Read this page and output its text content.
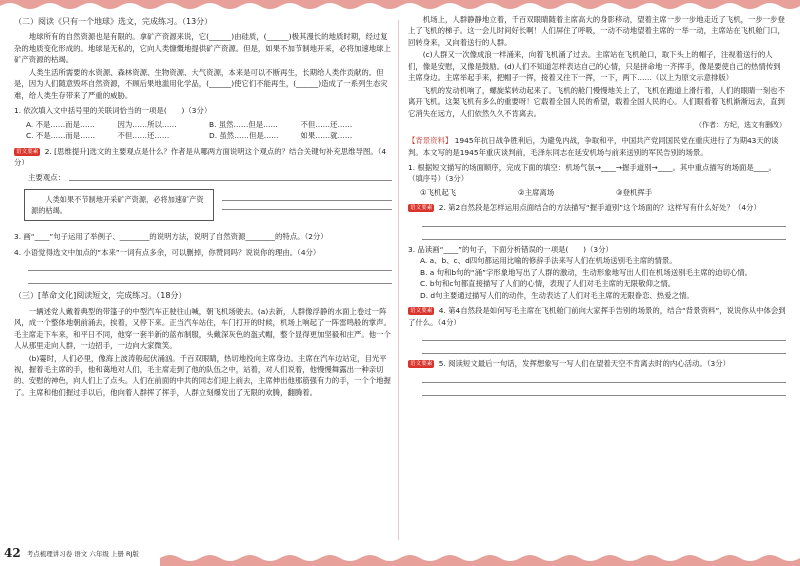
（二）阅读《只有一个地球》选文，完成练习。（13分）

地球所有的自然资源也是有限的。拿矿产资源来说，它(______)由硅质，(______)极其漫长的地质时期，经过复杂的地质变化形成的。地球是无私的，它向人类慷慨地提供矿产资源。但是，如果不加节制地开采，必将加速地球上矿产资源的枯竭。

人类生活所需要的水资源、森林资源、生物资源、大气资源，本来是可以不断再生，长期给人类作贡献的。但是，因为人们随意毁坏自然资源，不顾后果地滥用化学品，(______)使它们不能再生，(______)造成了一系列生态灾难，给人类生存带来了严重的威胁。

1. 依次填入文中括号里的关联词恰当的一项是(　　)（3分）
A. 不是……而是……	因为……所以……	B. 虽然……但是……	不但……还……
C. 不是……而是……	不但……还……	D. 虽然……但是……	如果……就……
语文要素 2. [思维提升]选文的主要观点是什么？作者是从哪两方面说明这个观点的？结合关键句补充思维导图。（4分）
主要观点：
人类如果不节制地开采矿产资源，必将加速矿产资源的枯竭。
3. 画“____”句子运用了举例子、________的说明方法，说明了自然资源________的特点。（2分）
4. 小语觉得选文中加点的“本来”一词有点多余，可以删掉，你赞同吗？说说你的理由。（4分）
（三）[革命文化]阅读短文，完成练习。（18分）

一辆述党人戴着典型的带篷子的中型汽车正驶往山喊，朝飞机场驶去。(a)去新，人群像浮静的水面上卷过一阵风，成一个整体地朝前涌去，挨着，又停下来。正当汽车站住，车门打开的时候，机场上响起了一阵雷鸣般的掌声。毛主席走下车来，和平日不同，他穿一套半新的蓝布制服，头戴深灰色的盔式帽，整个显得更加坚毅和庄严。他一个人从那里走向人群，一边招手，一边向大家微笑。

(b)霎时，人们必里，像海上波涛般起伏涌汹。千百双眼睛，热切地投向主席身边。主席在汽车边站定，目光平视，握着毛主席的手，他和蔼地对人们，毛主席走到了他的队伍之中，站着，对人们说着，他慢慢舞露出一种亲切的、安慰的神色，向人们上了点头。人们在前面的中共的同志们迎上前去，主席伸出他那筋强有力的手，一个个地握了。主席和他们握过手以后，他向着人群挥了挥手，人群立刻爆发出了无限的欢腾，翻腾着。

42 考点梳理讲习卷 语文 六年级 上册 RJ版

机场上，人群静静地立着，千百双眼睛随着主席高大的身影移动，望着主席一步一步地走近了飞机，一步一步登上了飞机的梯子。这一会儿时间好长啊！人们屏住了呼吸，一动不动地望着主席的一举一动，主席站在飞机舱门口，回转身来，又向着送行的人群。

(c)人群又一次像成浪一样涌来，向着飞机涌了过去。主席站在飞机舱口，取下头上的帽子，注视着送行的人们，像是安慰，又像是鼓励。(d)人们不知道怎样表达自己的心情，只是拼命地一齐挥手，像是要使自己的热情传到主席身边。主席举起手来，把帽子一挥，接着又往下一挥，一下，两下……（以上为原文示意排版）

飞机的发动机响了，螺旋桨转动起来了。飞机的舱门慢慢地关上了，飞机在跑道上滑行着，人们的眼睛一刻也不离开飞机。这架飞机有多么的重要呀！它载着全国人民的希望，载着全国人民的心。人们眼看着飞机渐渐远去，直到它消失在远方，人们依然久久不肯离去。

（作者：方纪，选文有删改）
【背景资料】 1945年抗日战争胜利后，为避免内战，争取和平，中国共产党同国民党在重庆进行了为期43天的谈判。本文写的是1945年重庆谈判前，毛泽东同志在延安机场与前来送别的军民告别的场景。
1. 根据短文描写的场面顺序，完成下面的填空：机场气氛→____→握手道别→____。其中重点描写的场面是____。（填序号）（3分）
①飞机起飞	②主席离场	③登机挥手
语文要素 2. 第2自然段是怎样运用点面结合的方法描写“握手道别”这个场面的？这样写有什么好处？（4分）
3. 品读画“____”的句子，下面分析错误的一项是(　　)（3分）
A. a、b、c、d四句都运用比喻的修辞手法来写人们在机场送别毛主席的情景。
B. a 句和b句的“涌”字形象地写出了人群的激动，生动形象地写出人们在机场送别毛主席的迫切心情。
C. b句和c句都直接描写了人们的心情，表现了人们对毛主席的无限敬仰之情。
D. d句主要通过描写人们的动作，生动表达了人们对毛主席的无限眷恋、热爱之情。
语文要素 4. 第4自然段是如何写毛主席在飞机舱门前向大家挥手告别的场景的，结合“背景资料”，说说你从中体会到了什么。（4分）
语文要素 5. 阅读短文最后一句话，发挥想象写一写人们在望着天空不肯离去时的内心活动。（3分）
